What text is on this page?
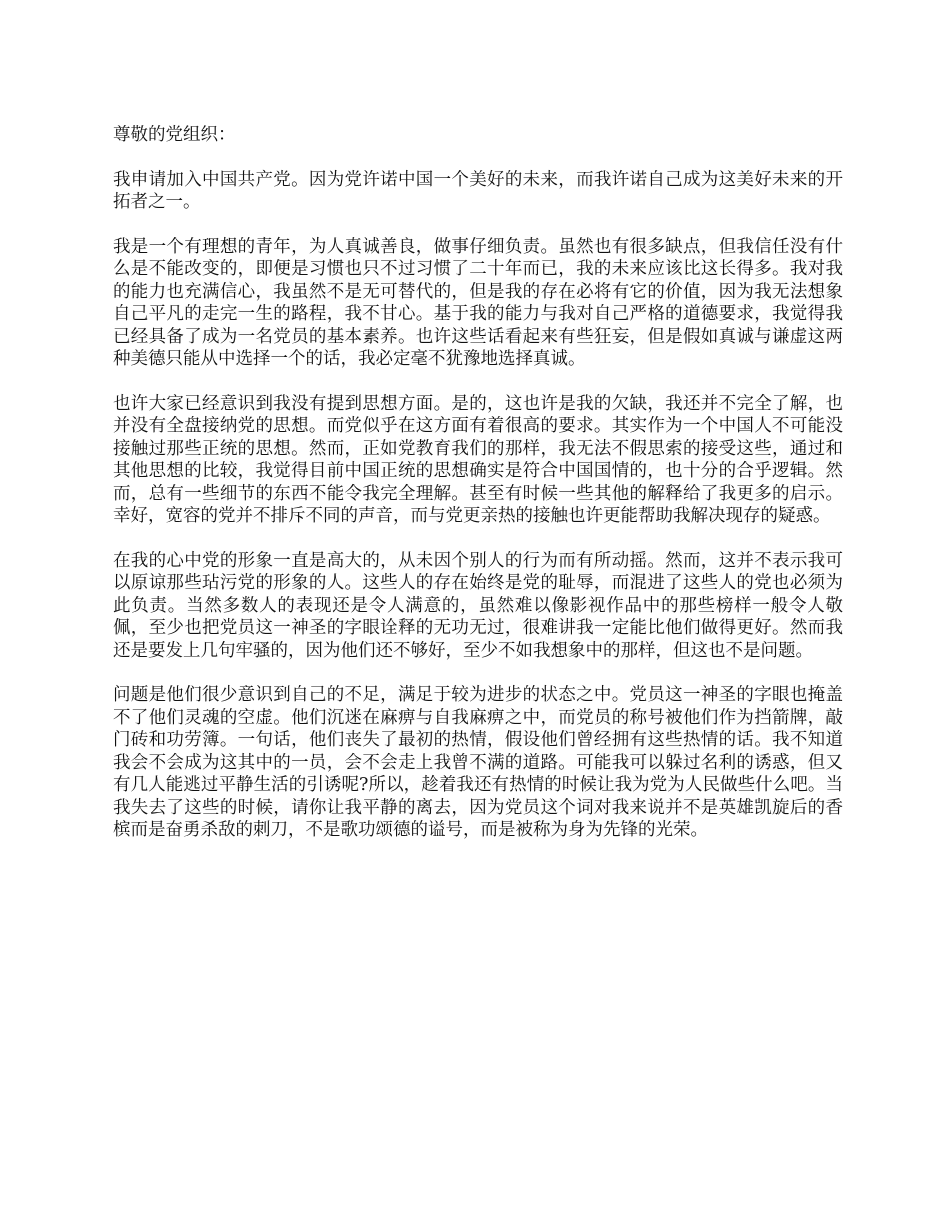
尊敬的党组织：

我申请加入中国共产党。因为党许诺中国一个美好的未来，而我许诺自己成为这美好未来的开拓者之一。

我是一个有理想的青年，为人真诚善良，做事仔细负责。虽然也有很多缺点，但我信任没有什么是不能改变的，即便是习惯也只不过习惯了二十年而已，我的未来应该比这长得多。我对我的能力也充满信心，我虽然不是无可替代的，但是我的存在必将有它的价值，因为我无法想象自己平凡的走完一生的路程，我不甘心。基于我的能力与我对自己严格的道德要求，我觉得我已经具备了成为一名党员的基本素养。也许这些话看起来有些狂妄，但是假如真诚与谦虚这两种美德只能从中选择一个的话，我必定毫不犹豫地选择真诚。

也许大家已经意识到我没有提到思想方面。是的，这也许是我的欠缺，我还并不完全了解，也并没有全盘接纳党的思想。而党似乎在这方面有着很高的要求。其实作为一个中国人不可能没接触过那些正统的思想。然而，正如党教育我们的那样，我无法不假思索的接受这些，通过和其他思想的比较，我觉得目前中国正统的思想确实是符合中国国情的，也十分的合乎逻辑。然而，总有一些细节的东西不能令我完全理解。甚至有时候一些其他的解释给了我更多的启示。幸好，宽容的党并不排斥不同的声音，而与党更亲热的接触也许更能帮助我解决现存的疑惑。

在我的心中党的形象一直是高大的，从未因个别人的行为而有所动摇。然而，这并不表示我可以原谅那些玷污党的形象的人。这些人的存在始终是党的耻辱，而混进了这些人的党也必须为此负责。当然多数人的表现还是令人满意的，虽然难以像影视作品中的那些榜样一般令人敬佩，至少也把党员这一神圣的字眼诠释的无功无过，很难讲我一定能比他们做得更好。然而我还是要发上几句牢骚的，因为他们还不够好，至少不如我想象中的那样，但这也不是问题。

问题是他们很少意识到自己的不足，满足于较为进步的状态之中。党员这一神圣的字眼也掩盖不了他们灵魂的空虚。他们沉迷在麻痹与自我麻痹之中，而党员的称号被他们作为挡箭牌，敲门砖和功劳簿。一句话，他们丧失了最初的热情，假设他们曾经拥有这些热情的话。我不知道我会不会成为这其中的一员，会不会走上我曾不满的道路。可能我可以躲过名利的诱惑，但又有几人能逃过平静生活的引诱呢?所以，趁着我还有热情的时候让我为党为人民做些什么吧。当我失去了这些的时候，请你让我平静的离去，因为党员这个词对我来说并不是英雄凯旋后的香槟而是奋勇杀敌的刺刀，不是歌功颂德的谥号，而是被称为身为先锋的光荣。
